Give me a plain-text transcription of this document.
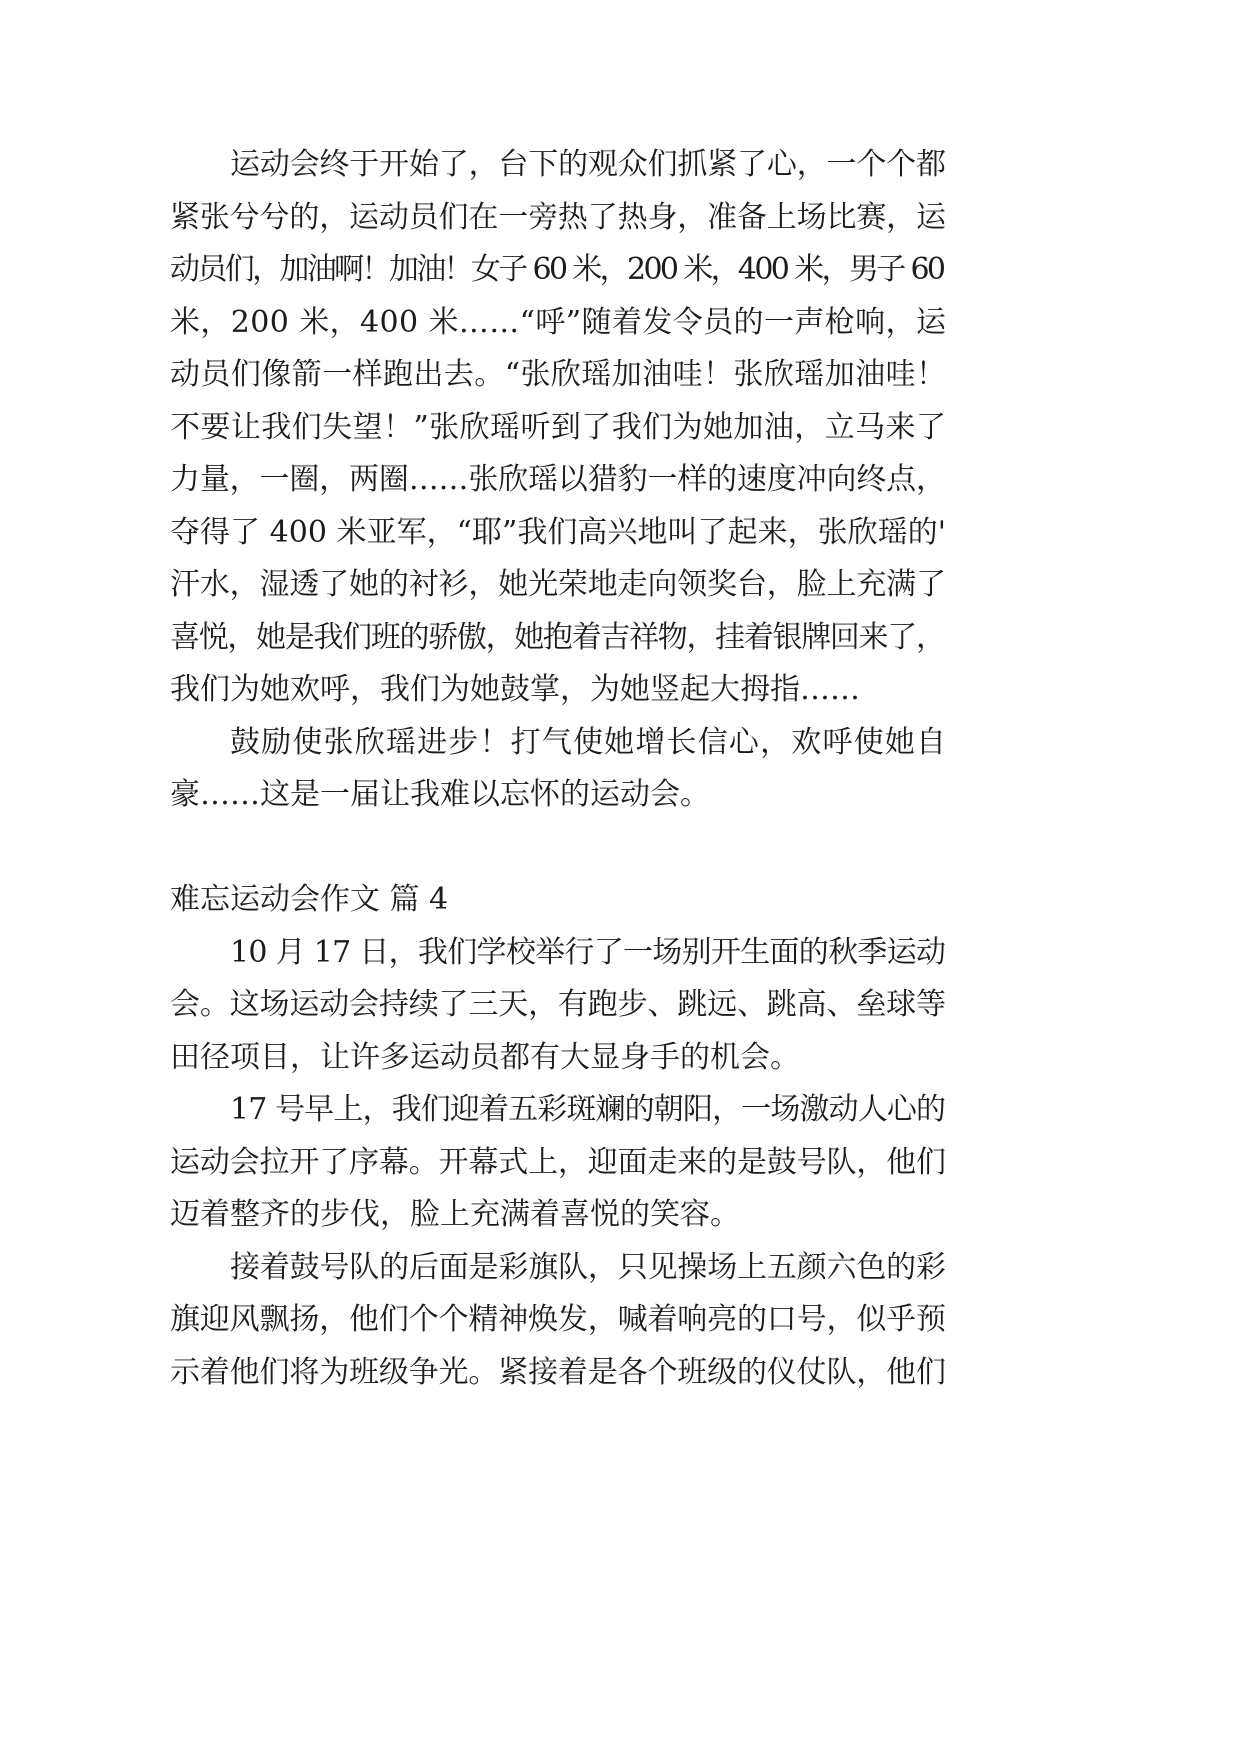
运动会终于开始了，台下的观众们抓紧了心，一个个都
紧张兮兮的，运动员们在一旁热了热身，准备上场比赛，运
动员们，加油啊！加油！女子 60 米，200 米，400 米，男子 60
米，200 米，400 米……“呼”随着发令员的一声枪响，运
动员们像箭一样跑出去。“张欣瑶加油哇！张欣瑶加油哇！
不要让我们失望！”张欣瑶听到了我们为她加油，立马来了
力量，一圈，两圈……张欣瑶以猎豹一样的速度冲向终点，
夺得了 400 米亚军，“耶”我们高兴地叫了起来，张欣瑶的'
汗水，湿透了她的衬衫，她光荣地走向领奖台，脸上充满了
喜悦，她是我们班的骄傲，她抱着吉祥物，挂着银牌回来了，
我们为她欢呼，我们为她鼓掌，为她竖起大拇指……
鼓励使张欣瑶进步！打气使她增长信心，欢呼使她自
豪……这是一届让我难以忘怀的运动会。
难忘运动会作文 篇 4
10 月 17 日，我们学校举行了一场别开生面的秋季运动
会。这场运动会持续了三天，有跑步、跳远、跳高、垒球等
田径项目，让许多运动员都有大显身手的机会。
17 号早上，我们迎着五彩斑斓的朝阳，一场激动人心的
运动会拉开了序幕。开幕式上，迎面走来的是鼓号队，他们
迈着整齐的步伐，脸上充满着喜悦的笑容。
接着鼓号队的后面是彩旗队，只见操场上五颜六色的彩
旗迎风飘扬，他们个个精神焕发，喊着响亮的口号，似乎预
示着他们将为班级争光。紧接着是各个班级的仪仗队，他们
